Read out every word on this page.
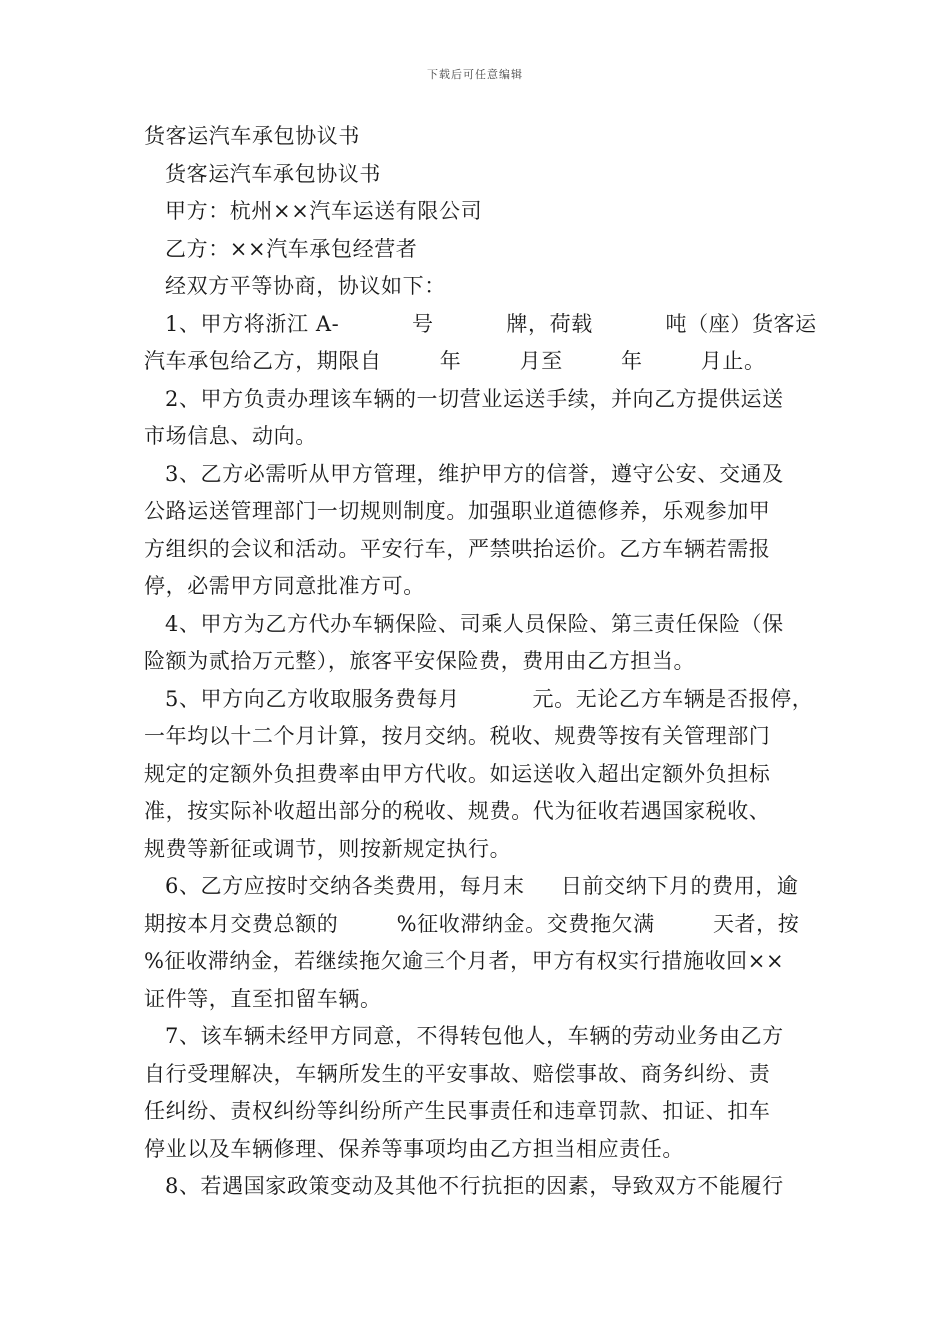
下载后可任意编辑
货客运汽车承包协议书
货客运汽车承包协议书
甲方：杭州××汽车运送有限公司
乙方：××汽车承包经营者
经双方平等协商，协议如下：
1、甲方将浙江 A-          号          牌，荷载          吨（座）货客运
汽车承包给乙方，期限自        年        月至        年        月止。
2、甲方负责办理该车辆的一切营业运送手续，并向乙方提供运送
市场信息、动向。
3、乙方必需听从甲方管理，维护甲方的信誉，遵守公安、交通及
公路运送管理部门一切规则制度。加强职业道德修养，乐观参加甲
方组织的会议和活动。平安行车，严禁哄抬运价。乙方车辆若需报
停，必需甲方同意批准方可。
4、甲方为乙方代办车辆保险、司乘人员保险、第三责任保险（保
险额为贰拾万元整），旅客平安保险费，费用由乙方担当。
5、甲方向乙方收取服务费每月          元。无论乙方车辆是否报停，
一年均以十二个月计算，按月交纳。税收、规费等按有关管理部门
规定的定额外负担费率由甲方代收。如运送收入超出定额外负担标
准，按实际补收超出部分的税收、规费。代为征收若遇国家税收、
规费等新征或调节，则按新规定执行。
6、乙方应按时交纳各类费用，每月末     日前交纳下月的费用，逾
期按本月交费总额的        %征收滞纳金。交费拖欠满        天者，按
%征收滞纳金，若继续拖欠逾三个月者，甲方有权实行措施收回××
证件等，直至扣留车辆。
7、该车辆未经甲方同意，不得转包他人，车辆的劳动业务由乙方
自行受理解决，车辆所发生的平安事故、赔偿事故、商务纠纷、责
任纠纷、责权纠纷等纠纷所产生民事责任和违章罚款、扣证、扣车
停业以及车辆修理、保养等事项均由乙方担当相应责任。
8、若遇国家政策变动及其他不行抗拒的因素，导致双方不能履行
